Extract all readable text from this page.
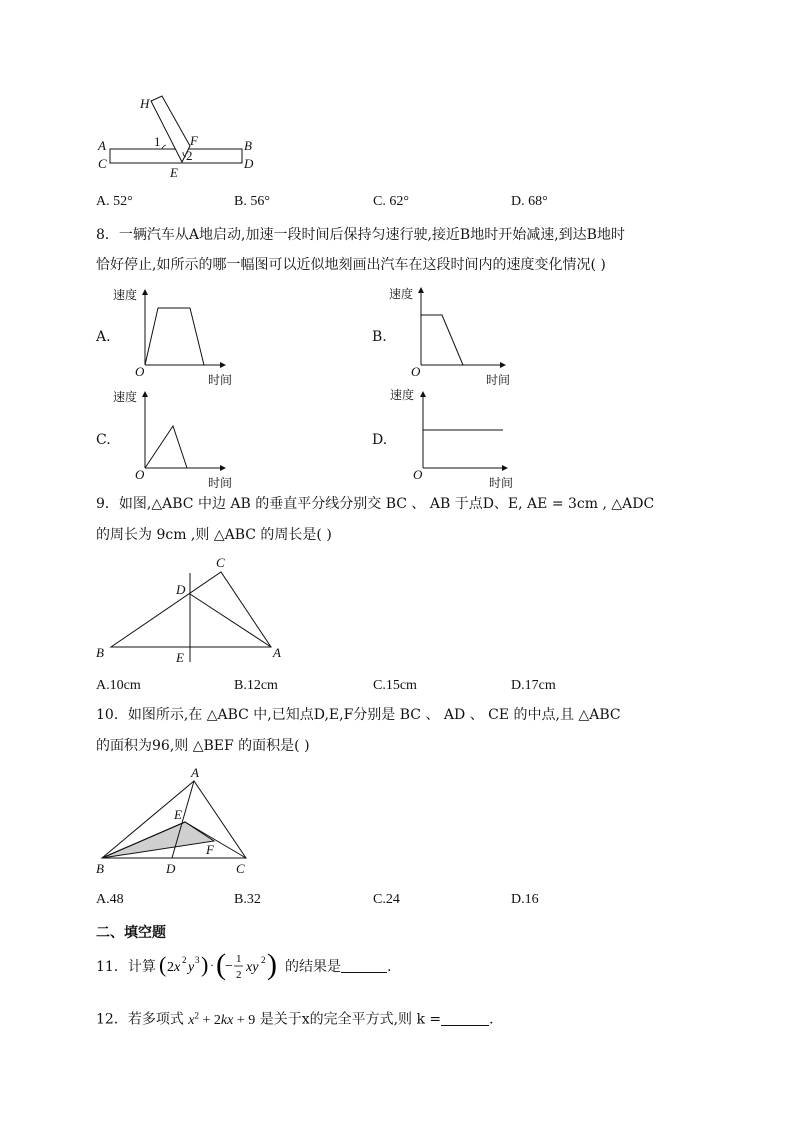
H
A
C
1 F
2
E
B
D
A. 52°	B. 56°	C. 62°	D. 68°
8．一辆汽车从A地启动,加速一段时间后保持匀速行驶,接近B地时开始减速,到达B地时
恰好停止,如所示的哪一幅图可以近似地刻画出汽车在这段时间内的速度变化情况( )
速度
A.
O
时间
速度
B.
O
时间
速度
C.
O
时间
速度
D.
O
时间
9．如图,△ABC 中边 AB 的垂直平分线分别交 BC 、 AB 于点D、E, AE = 3cm , △ADC
的周长为 9cm ,则 △ABC 的周长是( )
C
D
B	E	A
A.10cm	B.12cm	C.15cm	D.17cm
10．如图所示,在 △ABC 中,已知点D,E,F分别是 BC 、 AD 、 CE 的中点,且 △ABC
的面积为96,则 △BEF 的面积是( )
A
E
F
B	D	C
A.48	B.32	C.24	D.16
二、填空题
11．计算 ( 2x 2 y 3 ) · ( − 1
2 xy 2 ) 的结果是	.
12．若多项式 $x^2 + 2kx + 9$ 是关于x的完全平方式,则 k =	.
